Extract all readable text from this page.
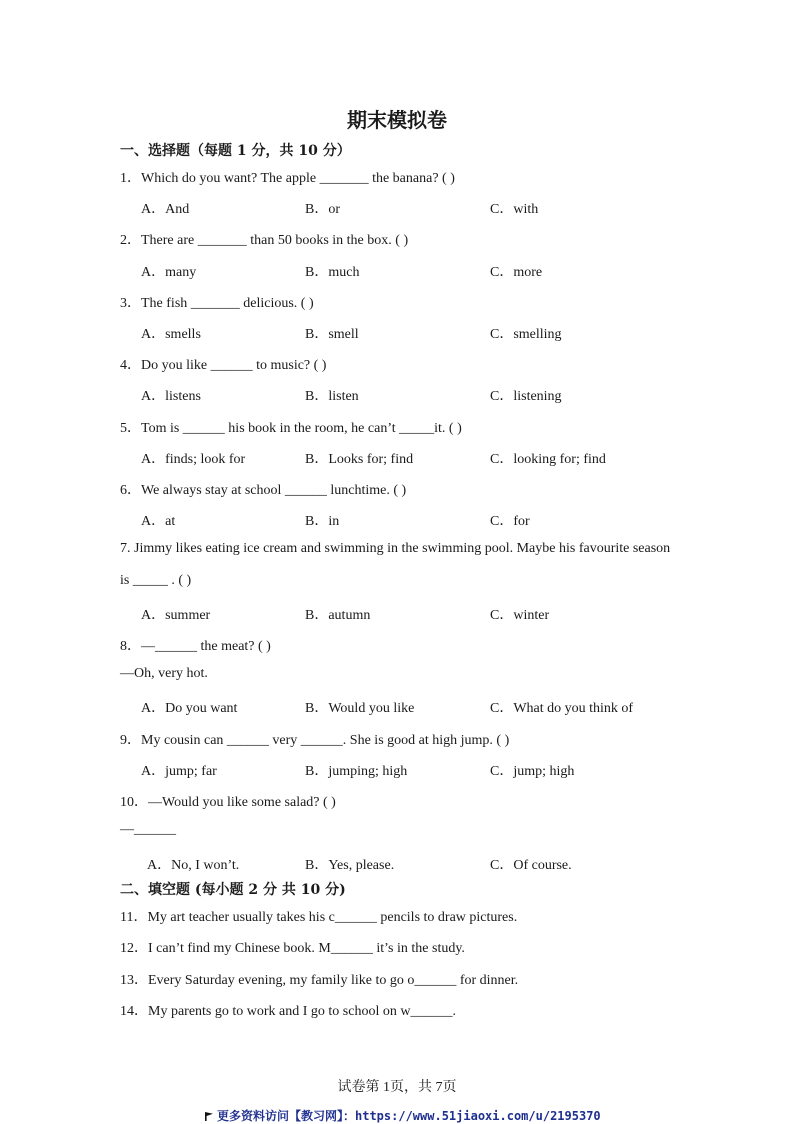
期末模拟卷
一、选择题（每题 1 分，共 10 分）
1．Which do you want? The apple _______ the banana? ( )
A．And	B．or	C．with
2．There are _______ than 50 books in the box. ( )
A．many	B．much	C．more
3．The fish _______ delicious. ( )
A．smells	B．smell	C．smelling
4．Do you like ______ to music? ( )
A．listens	B．listen	C．listening
5．Tom is ______ his book in the room, he can’t _____it. ( )
A．finds; look for	B．Looks for; find	C．looking for; find
6．We always stay at school ______ lunchtime. ( )
A．at	B．in	C．for
7. Jimmy likes eating ice cream and swimming in the swimming pool. Maybe his favourite season
is _____ . ( )
A．summer	B．autumn	C．winter
8．—______ the meat? ( )
—Oh, very hot.
A．Do you want	B．Would you like	C．What do you think of
9．My cousin can ______ very ______. She is good at high jump. ( )
A．jump; far	B．jumping; high	C．jump; high
10．—Would you like some salad? ( )
—______
A．No, I won’t.	B．Yes, please.	C．Of course.
二、填空题 (每小题 2 分 共 10 分)
11．My art teacher usually takes his c______ pencils to draw pictures.
12．I can’t find my Chinese book. M______ it’s in the study.
13．Every Saturday evening, my family like to go o______ for dinner.
14．My parents go to work and I go to school on w______.
试卷第 1页，共 7页
更多资料访问【教习网】：https://www.51jiaoxi.com/u/2195370
